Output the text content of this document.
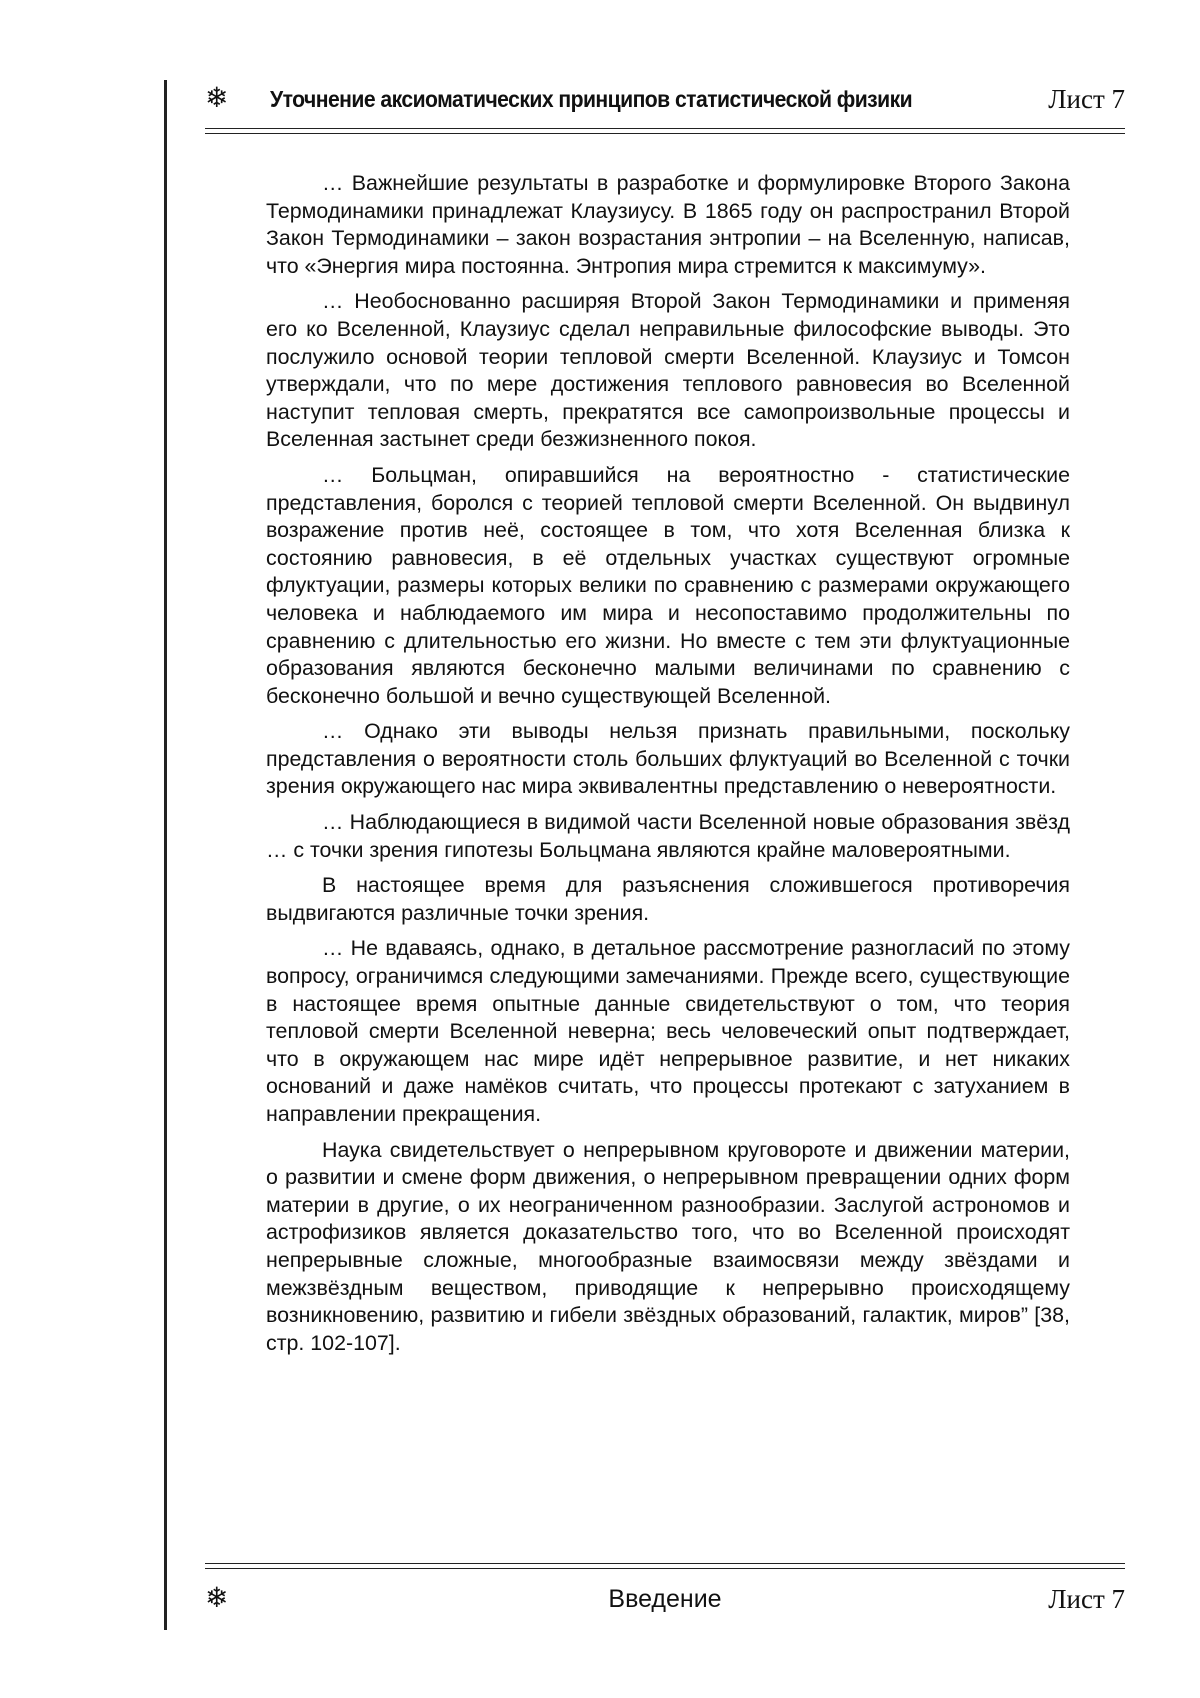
❄ Уточнение аксиоматических принципов статистической физики	Лист 7

… Важнейшие результаты в разработке и формулировке Второго Закона Термодинамики принадлежат Клаузиусу. В 1865 году он распространил Второй Закон Термодинамики – закон возрастания энтропии – на Вселенную, написав, что «Энергия мира постоянна. Энтропия мира стремится к максимуму».

… Необоснованно расширяя Второй Закон Термодинамики и применяя его ко Вселенной, Клаузиус сделал неправильные философские выводы. Это послужило основой теории тепловой смерти Вселенной. Клаузиус и Томсон утверждали, что по мере достижения теплового равновесия во Вселенной наступит тепловая смерть, прекратятся все самопроизвольные процессы и Вселенная застынет среди безжизненного покоя.

… Больцман, опиравшийся на вероятностно - статистические представления, боролся с теорией тепловой смерти Вселенной. Он выдвинул возражение против неё, состоящее в том, что хотя Вселенная близка к состоянию равновесия, в её отдельных участках существуют огромные флуктуации, размеры которых велики по сравнению с размерами окружающего человека и наблюдаемого им мира и несопоставимо продолжительны по сравнению с длительностью его жизни. Но вместе с тем эти флуктуационные образования являются бесконечно малыми величинами по сравнению с бесконечно большой и вечно существующей Вселенной.

… Однако эти выводы нельзя признать правильными, поскольку представления о вероятности столь больших флуктуаций во Вселенной с точки зрения окружающего нас мира эквивалентны представлению о невероятности.

… Наблюдающиеся в видимой части Вселенной новые образования звёзд … с точки зрения гипотезы Больцмана являются крайне маловероятными.

В настоящее время для разъяснения сложившегося противоречия выдвигаются различные точки зрения.

… Не вдаваясь, однако, в детальное рассмотрение разногласий по этому вопросу, ограничимся следующими замечаниями. Прежде всего, существующие в настоящее время опытные данные свидетельствуют о том, что теория тепловой смерти Вселенной неверна; весь человеческий опыт подтверждает, что в окружающем нас мире идёт непрерывное развитие, и нет никаких оснований и даже намёков считать, что процессы протекают с затуханием в направлении прекращения.

Наука свидетельствует о непрерывном круговороте и движении материи, о развитии и смене форм движения, о непрерывном превращении одних форм материи в другие, о их неограниченном разнообразии. Заслугой астрономов и астрофизиков является доказательство того, что во Вселенной происходят непрерывные сложные, многообразные взаимосвязи между звёздами и межзвёздным веществом, приводящие к непрерывно происходящему возникновению, развитию и гибели звёздных образований, галактик, миров” [38, стр. 102-107].

❄	Введение	Лист 7
